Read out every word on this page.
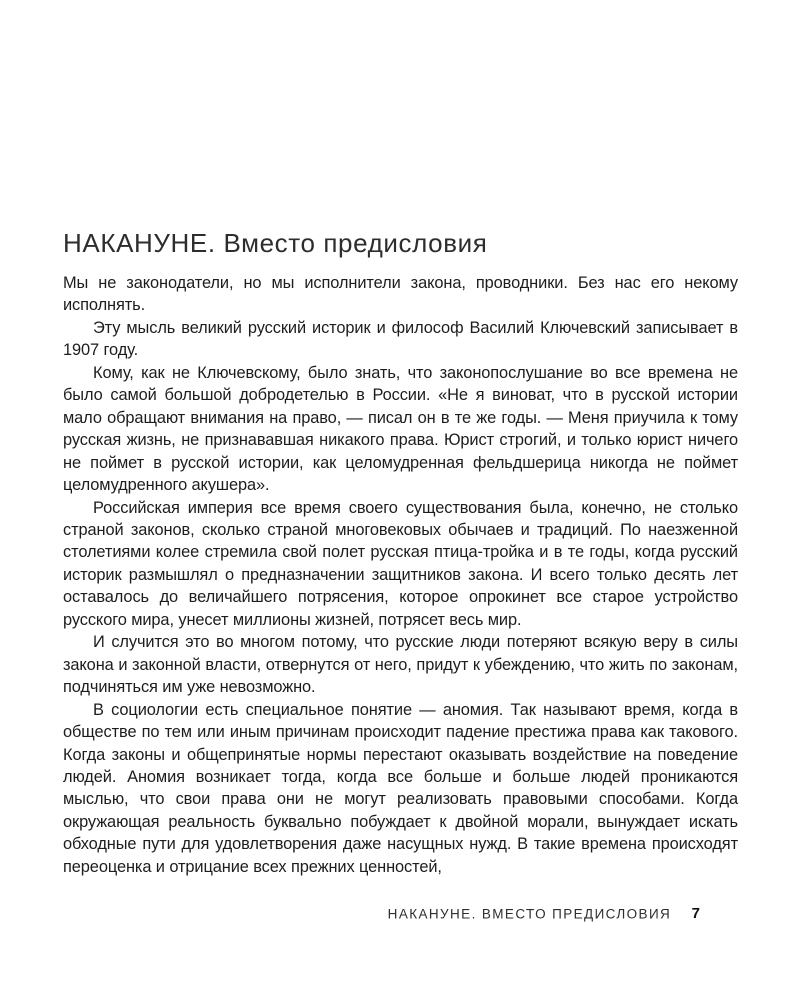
НАКАНУНЕ. Вместо предисловия

Мы не законодатели, но мы исполнители закона, проводники. Без нас его некому исполнять.

Эту мысль великий русский историк и философ Василий Ключевский записывает в 1907 году.

Кому, как не Ключевскому, было знать, что законопослушание во все времена не было самой большой добродетелью в России. «Не я виноват, что в русской истории мало обращают внимания на право, — писал он в те же годы. — Меня приучила к тому русская жизнь, не признававшая никакого права. Юрист строгий, и только юрист ничего не поймет в русской истории, как целомудренная фельдшерица никогда не поймет целомудренного акушера».

Российская империя все время своего существования была, конечно, не столько страной законов, сколько страной многовековых обычаев и традиций. По наезженной столетиями колее стремила свой полет русская птица-тройка и в те годы, когда русский историк размышлял о предназначении защитников закона. И всего только десять лет оставалось до величайшего потрясения, которое опрокинет все старое устройство русского мира, унесет миллионы жизней, потрясет весь мир.

И случится это во многом потому, что русские люди потеряют всякую веру в силы закона и законной власти, отвернутся от него, придут к убеждению, что жить по законам, подчиняться им уже невозможно.

В социологии есть специальное понятие — аномия. Так называют время, когда в обществе по тем или иным причинам происходит падение престижа права как такового. Когда законы и общепринятые нормы перестают оказывать воздействие на поведение людей. Аномия возникает тогда, когда все больше и больше людей проникаются мыслью, что свои права они не могут реализовать правовыми способами. Когда окружающая реальность буквально побуждает к двойной морали, вынуждает искать обходные пути для удовлетворения даже насущных нужд. В такие времена происходят переоценка и отрицание всех прежних ценностей,

НАКАНУНЕ. ВМЕСТО ПРЕДИСЛОВИЯ 7
